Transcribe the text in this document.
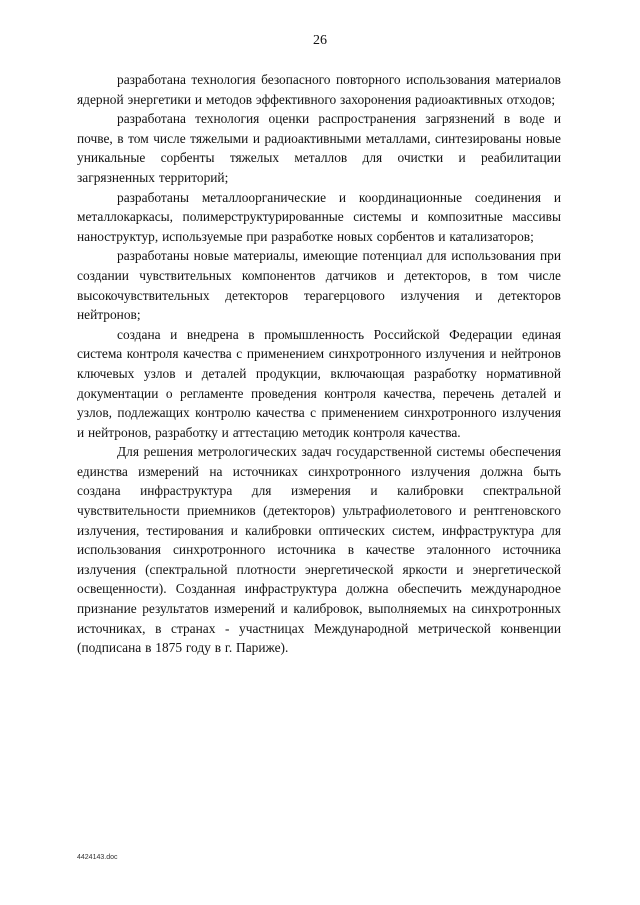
26

разработана технология безопасного повторного использования материалов ядерной энергетики и методов эффективного захоронения радиоактивных отходов;

разработана технология оценки распространения загрязнений в воде и почве, в том числе тяжелыми и радиоактивными металлами, синтезированы новые уникальные сорбенты тяжелых металлов для очистки и реабилитации загрязненных территорий;

разработаны металлоорганические и координационные соединения и металлокаркасы, полимерструктурированные системы и композитные массивы наноструктур, используемые при разработке новых сорбентов и катализаторов;

разработаны новые материалы, имеющие потенциал для использования при создании чувствительных компонентов датчиков и детекторов, в том числе высокочувствительных детекторов терагерцового излучения и детекторов нейтронов;

создана и внедрена в промышленность Российской Федерации единая система контроля качества с применением синхротронного излучения и нейтронов ключевых узлов и деталей продукции, включающая разработку нормативной документации о регламенте проведения контроля качества, перечень деталей и узлов, подлежащих контролю качества с применением синхротронного излучения и нейтронов, разработку и аттестацию методик контроля качества.

Для решения метрологических задач государственной системы обеспечения единства измерений на источниках синхротронного излучения должна быть создана инфраструктура для измерения и калибровки спектральной чувствительности приемников (детекторов) ультрафиолетового и рентгеновского излучения, тестирования и калибровки оптических систем, инфраструктура для использования синхротронного источника в качестве эталонного источника излучения (спектральной плотности энергетической яркости и энергетической освещенности). Созданная инфраструктура должна обеспечить международное признание результатов измерений и калибровок, выполняемых на синхротронных источниках, в странах - участницах Международной метрической конвенции (подписана в 1875 году в г. Париже).

4424143.doc
